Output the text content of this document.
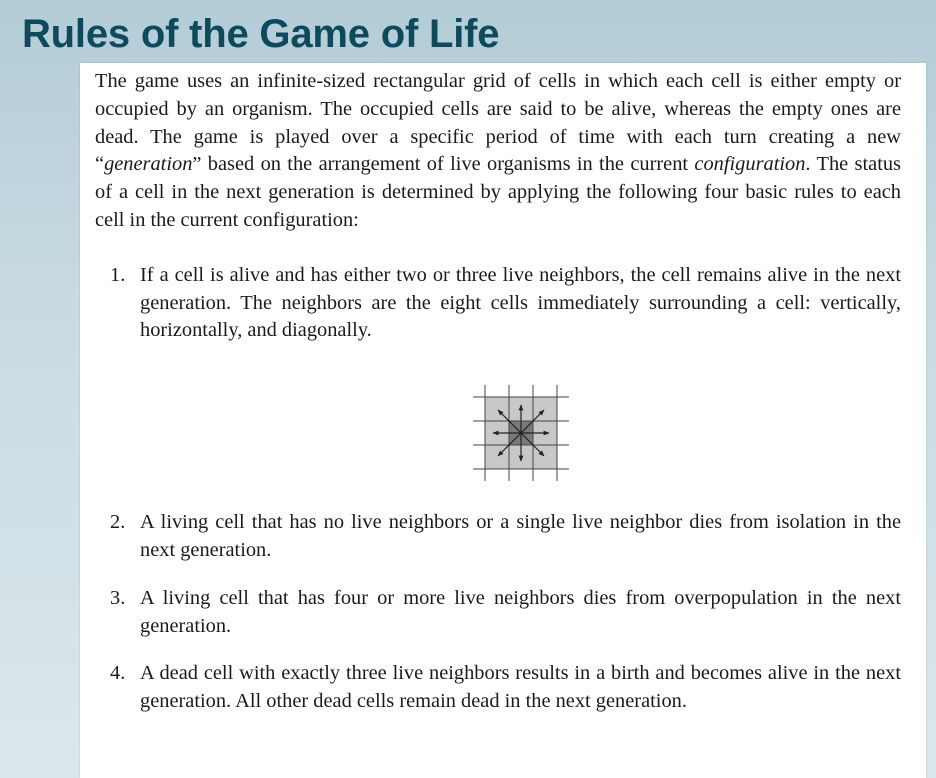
Rules of the Game of Life

The game uses an infinite-sized rectangular grid of cells in which each cell is either empty or occupied by an organism. The occupied cells are said to be alive, whereas the empty ones are dead. The game is played over a specific period of time with each turn creating a new “generation” based on the arrangement of live organisms in the current configuration. The status of a cell in the next generation is determined by applying the following four basic rules to each cell in the current configuration:

1. If a cell is alive and has either two or three live neighbors, the cell remains alive in the next generation. The neighbors are the eight cells immediately surrounding a cell: vertically, horizontally, and diagonally.
2. A living cell that has no live neighbors or a single live neighbor dies from isolation in the next generation.
3. A living cell that has four or more live neighbors dies from overpopulation in the next generation.
4. A dead cell with exactly three live neighbors results in a birth and becomes alive in the next generation. All other dead cells remain dead in the next generation.
